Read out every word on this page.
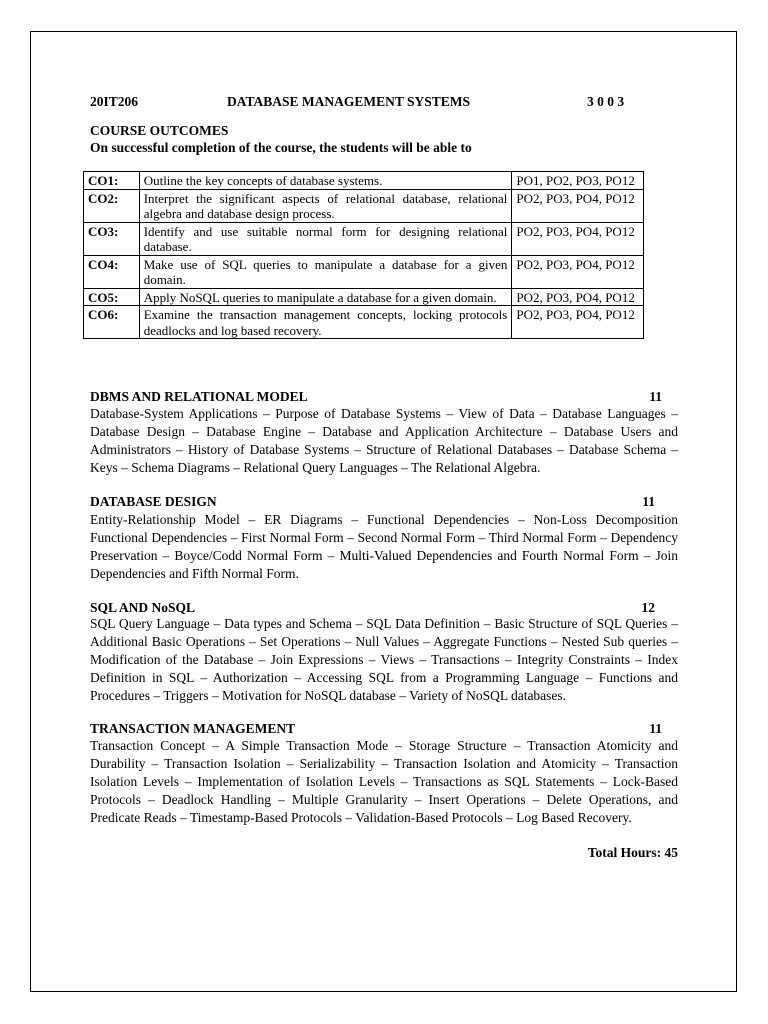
20IT206	DATABASE MANAGEMENT SYSTEMS	3 0 0 3
COURSE OUTCOMES
On successful completion of the course, the students will be able to
CO1:	Outline the key concepts of database systems.	PO1, PO2, PO3, PO12
CO2:	Interpret the significant aspects of relational database, relational algebra and database design process.	PO2, PO3, PO4, PO12
CO3:	Identify and use suitable normal form for designing relational database.	PO2, PO3, PO4, PO12
CO4:	Make use of SQL queries to manipulate a database for a given domain.	PO2, PO3, PO4, PO12
CO5:	Apply NoSQL queries to manipulate a database for a given domain.	PO2, PO3, PO4, PO12
CO6:	Examine the transaction management concepts, locking protocols deadlocks and log based recovery.	PO2, PO3, PO4, PO12
DBMS AND RELATIONAL MODEL	11
Database-System Applications – Purpose of Database Systems – View of Data – Database Languages – Database Design – Database Engine – Database and Application Architecture – Database Users and Administrators – History of Database Systems – Structure of Relational Databases – Database Schema – Keys – Schema Diagrams – Relational Query Languages – The Relational Algebra.
DATABASE DESIGN	11
Entity-Relationship Model – ER Diagrams – Functional Dependencies – Non-Loss Decomposition Functional Dependencies – First Normal Form – Second Normal Form – Third Normal Form – Dependency Preservation – Boyce/Codd Normal Form – Multi-Valued Dependencies and Fourth Normal Form – Join Dependencies and Fifth Normal Form.
SQL AND NoSQL	12
SQL Query Language – Data types and Schema – SQL Data Definition – Basic Structure of SQL Queries – Additional Basic Operations – Set Operations – Null Values – Aggregate Functions – Nested Sub queries – Modification of the Database – Join Expressions – Views – Transactions – Integrity Constraints – Index Definition in SQL – Authorization – Accessing SQL from a Programming Language – Functions and Procedures – Triggers – Motivation for NoSQL database – Variety of NoSQL databases.
TRANSACTION MANAGEMENT	11
Transaction Concept – A Simple Transaction Mode – Storage Structure – Transaction Atomicity and Durability – Transaction Isolation – Serializability – Transaction Isolation and Atomicity – Transaction Isolation Levels – Implementation of Isolation Levels – Transactions as SQL Statements – Lock-Based Protocols – Deadlock Handling – Multiple Granularity – Insert Operations – Delete Operations, and Predicate Reads – Timestamp-Based Protocols – Validation-Based Protocols – Log Based Recovery.
Total Hours: 45
